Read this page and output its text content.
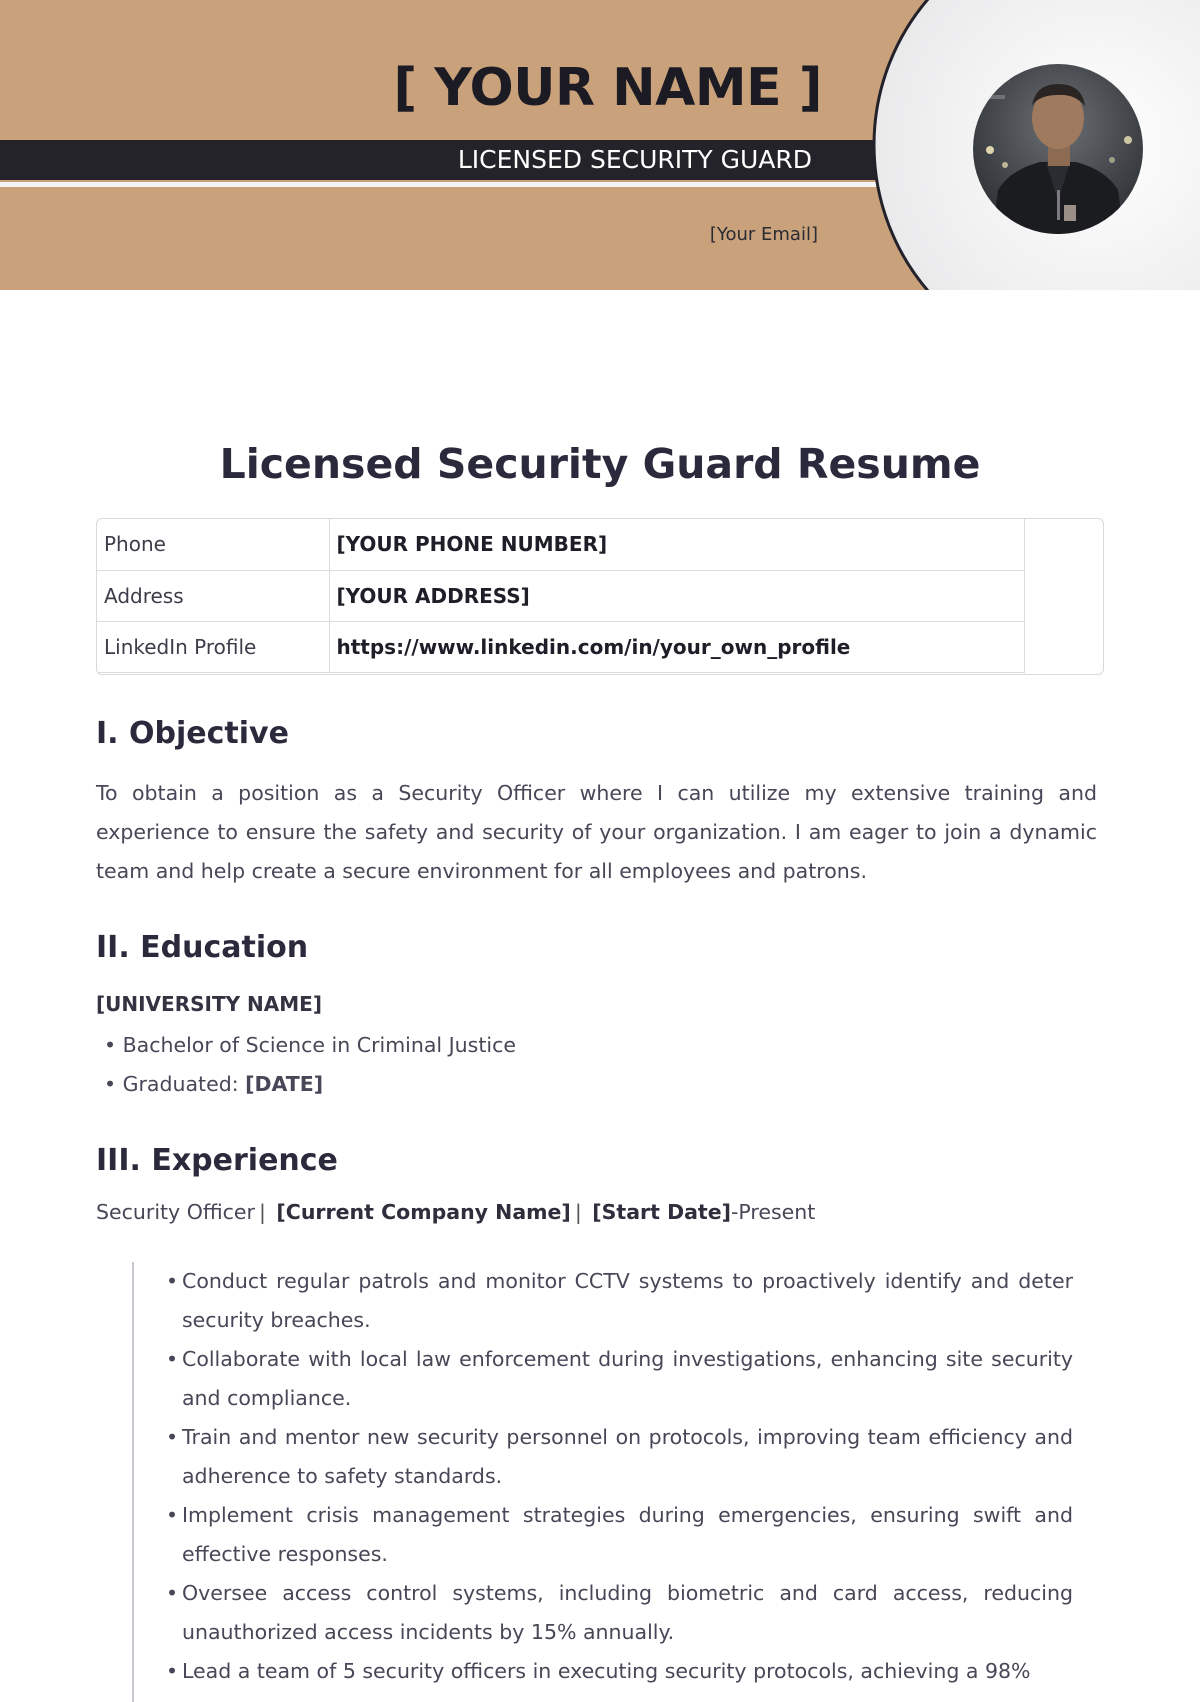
[ YOUR NAME ]
LICENSED SECURITY GUARD
[Your Email]
Licensed Security Guard Resume
Phone	[YOUR PHONE NUMBER]
Address	[YOUR ADDRESS]
LinkedIn Profile	https://www.linkedin.com/in/your_own_profile
I. Objective

To obtain a position as a Security Officer where I can utilize my extensive training and experience to ensure the safety and security of your organization. I am eager to join a dynamic team and help create a secure environment for all employees and patrons.

II. Education
[UNIVERSITY NAME]
• Bachelor of Science in Criminal Justice
• Graduated: [DATE]
III. Experience
Security Officer | [Current Company Name] | [Start Date]-Present
• Conduct regular patrols and monitor CCTV systems to proactively identify and deter security breaches.
• Collaborate with local law enforcement during investigations, enhancing site security and compliance.
• Train and mentor new security personnel on protocols, improving team efficiency and adherence to safety standards.
• Implement crisis management strategies during emergencies, ensuring swift and effective responses.
• Oversee access control systems, including biometric and card access, reducing unauthorized access incidents by 15% annually.
• Lead a team of 5 security officers in executing security protocols, achieving a 98%
